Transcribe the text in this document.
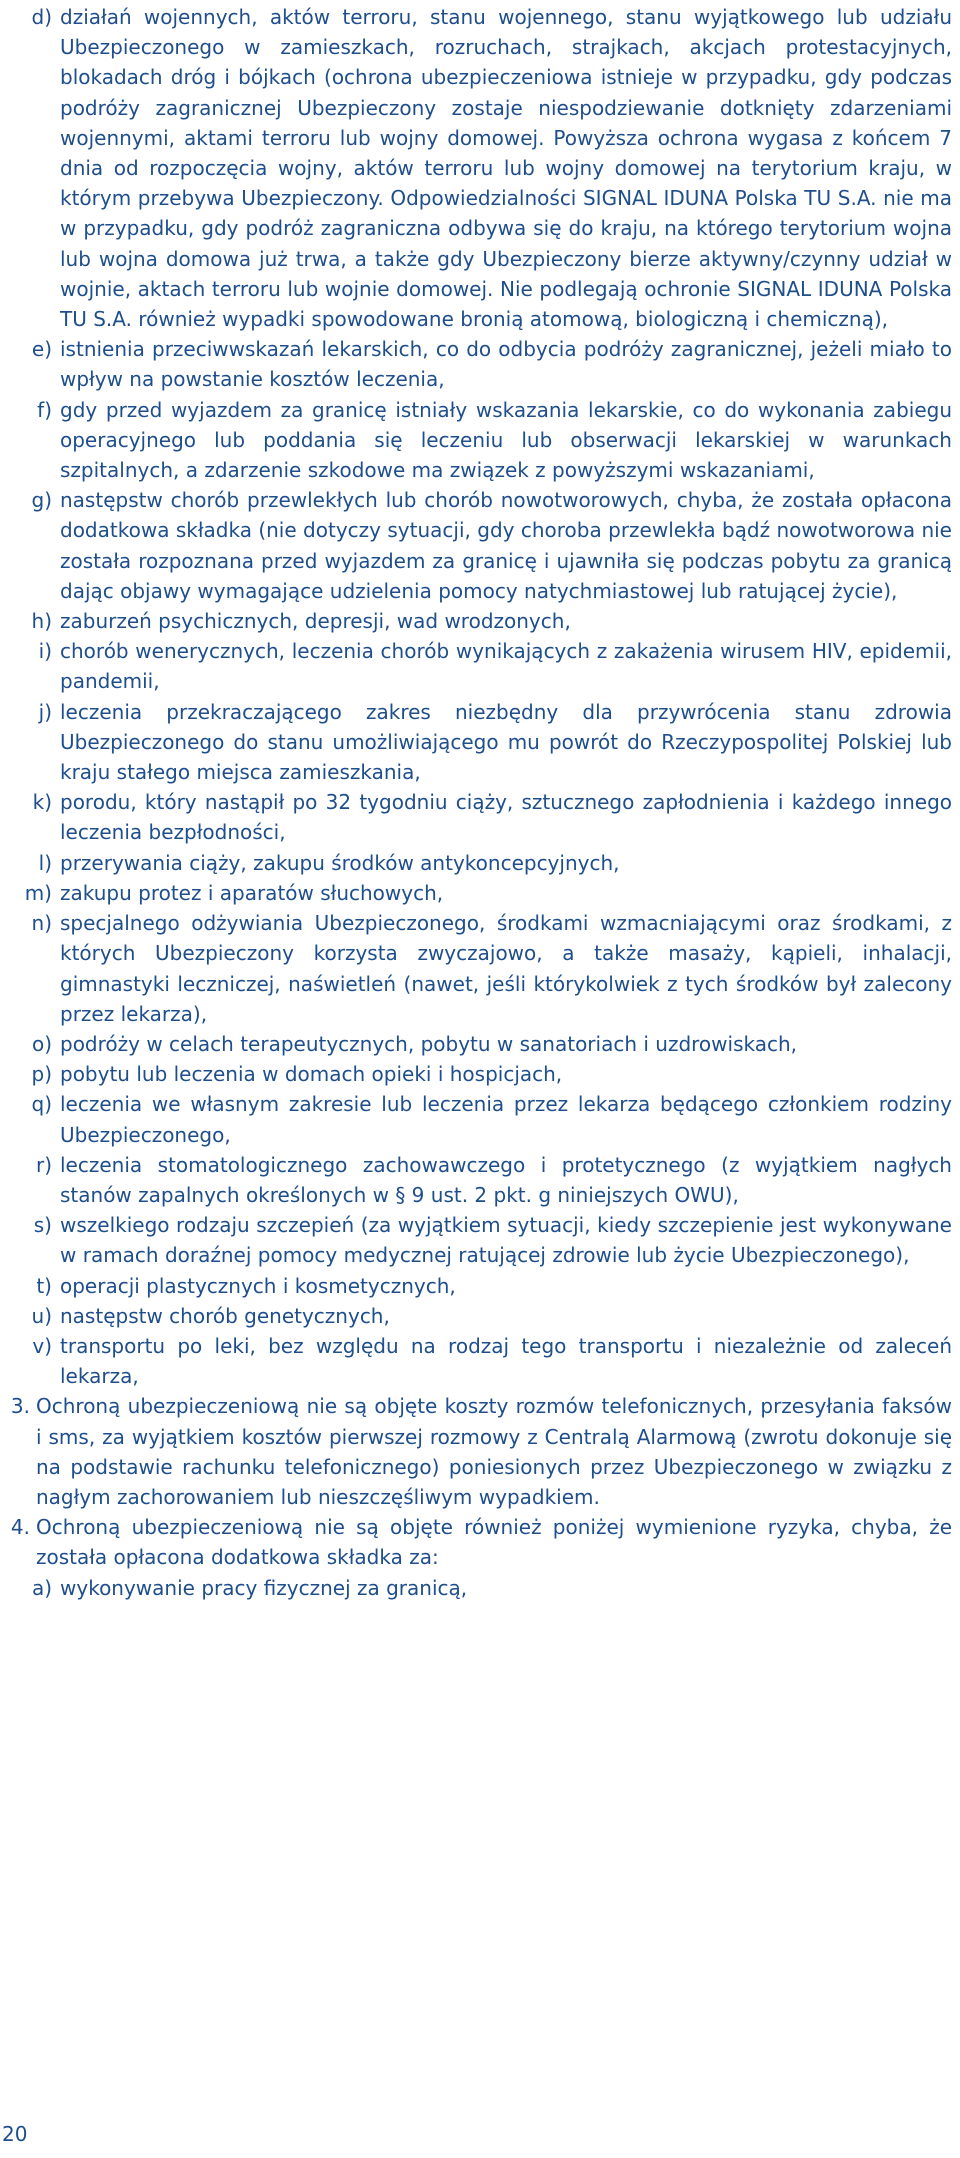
d) działań wojennych, aktów terroru, stanu wojennego, stanu wyjątkowego lub udziału Ubezpieczonego w zamieszkach, rozruchach, strajkach, akcjach protestacyjnych, blokadach dróg i bójkach (ochrona ubezpieczeniowa istnieje w przypadku, gdy podczas podróży zagranicznej Ubezpieczony zostaje niespodziewanie dotknięty zdarzeniami wojennymi, aktami terroru lub wojny domowej. Powyższa ochrona wygasa z końcem 7 dnia od rozpoczęcia wojny, aktów terroru lub wojny domowej na terytorium kraju, w którym przebywa Ubezpieczony. Odpowiedzialności SIGNAL IDUNA Polska TU S.A. nie ma w przypadku, gdy podróż zagraniczna odbywa się do kraju, na którego terytorium wojna lub wojna domowa już trwa, a także gdy Ubezpieczony bierze aktywny/czynny udział w wojnie, aktach terroru lub wojnie domowej. Nie podlegają ochronie SIGNAL IDUNA Polska TU S.A. również wypadki spowodowane bronią atomową, biologiczną i chemiczną),
e) istnienia przeciwwskazań lekarskich, co do odbycia podróży zagranicznej, jeżeli miało to wpływ na powstanie kosztów leczenia,
f) gdy przed wyjazdem za granicę istniały wskazania lekarskie, co do wykonania zabiegu operacyjnego lub poddania się leczeniu lub obserwacji lekarskiej w warunkach szpitalnych, a zdarzenie szkodowe ma związek z powyższymi wskazaniami,
g) następstw chorób przewlekłych lub chorób nowotworowych, chyba, że została opłacona dodatkowa składka (nie dotyczy sytuacji, gdy choroba przewlekła bądź nowotworowa nie została rozpoznana przed wyjazdem za granicę i ujawniła się podczas pobytu za granicą dając objawy wymagające udzielenia pomocy natychmiastowej lub ratującej życie),
h) zaburzeń psychicznych, depresji, wad wrodzonych,
i) chorób wenerycznych, leczenia chorób wynikających z zakażenia wirusem HIV, epidemii, pandemii,
j) leczenia przekraczającego zakres niezbędny dla przywrócenia stanu zdrowia Ubezpieczonego do stanu umożliwiającego mu powrót do Rzeczypospolitej Polskiej lub kraju stałego miejsca zamieszkania,
k) porodu, który nastąpił po 32 tygodniu ciąży, sztucznego zapłodnienia i każdego innego leczenia bezpłodności,
l) przerywania ciąży, zakupu środków antykoncepcyjnych,
m) zakupu protez i aparatów słuchowych,
n) specjalnego odżywiania Ubezpieczonego, środkami wzmacniającymi oraz środkami, z których Ubezpieczony korzysta zwyczajowo, a także masaży, kąpieli, inhalacji, gimnastyki leczniczej, naświetleń (nawet, jeśli którykolwiek z tych środków był zalecony przez lekarza),
o) podróży w celach terapeutycznych, pobytu w sanatoriach i uzdrowiskach,
p) pobytu lub leczenia w domach opieki i hospicjach,
q) leczenia we własnym zakresie lub leczenia przez lekarza będącego członkiem rodziny Ubezpieczonego,
r) leczenia stomatologicznego zachowawczego i protetycznego (z wyjątkiem nagłych stanów zapalnych określonych w § 9 ust. 2 pkt. g niniejszych OWU),
s) wszelkiego rodzaju szczepień (za wyjątkiem sytuacji, kiedy szczepienie jest wykonywane w ramach doraźnej pomocy medycznej ratującej zdrowie lub życie Ubezpieczonego),
t) operacji plastycznych i kosmetycznych,
u) następstw chorób genetycznych,
v) transportu po leki, bez względu na rodzaj tego transportu i niezależnie od zaleceń lekarza,
3. Ochroną ubezpieczeniową nie są objęte koszty rozmów telefonicznych, przesyłania faksów i sms, za wyjątkiem kosztów pierwszej rozmowy z Centralą Alarmową (zwrotu dokonuje się na podstawie rachunku telefonicznego) poniesionych przez Ubezpieczonego w związku z nagłym zachorowaniem lub nieszczęśliwym wypadkiem.
4. Ochroną ubezpieczeniową nie są objęte również poniżej wymienione ryzyka, chyba, że została opłacona dodatkowa składka za:
a) wykonywanie pracy fizycznej za granicą,
20
